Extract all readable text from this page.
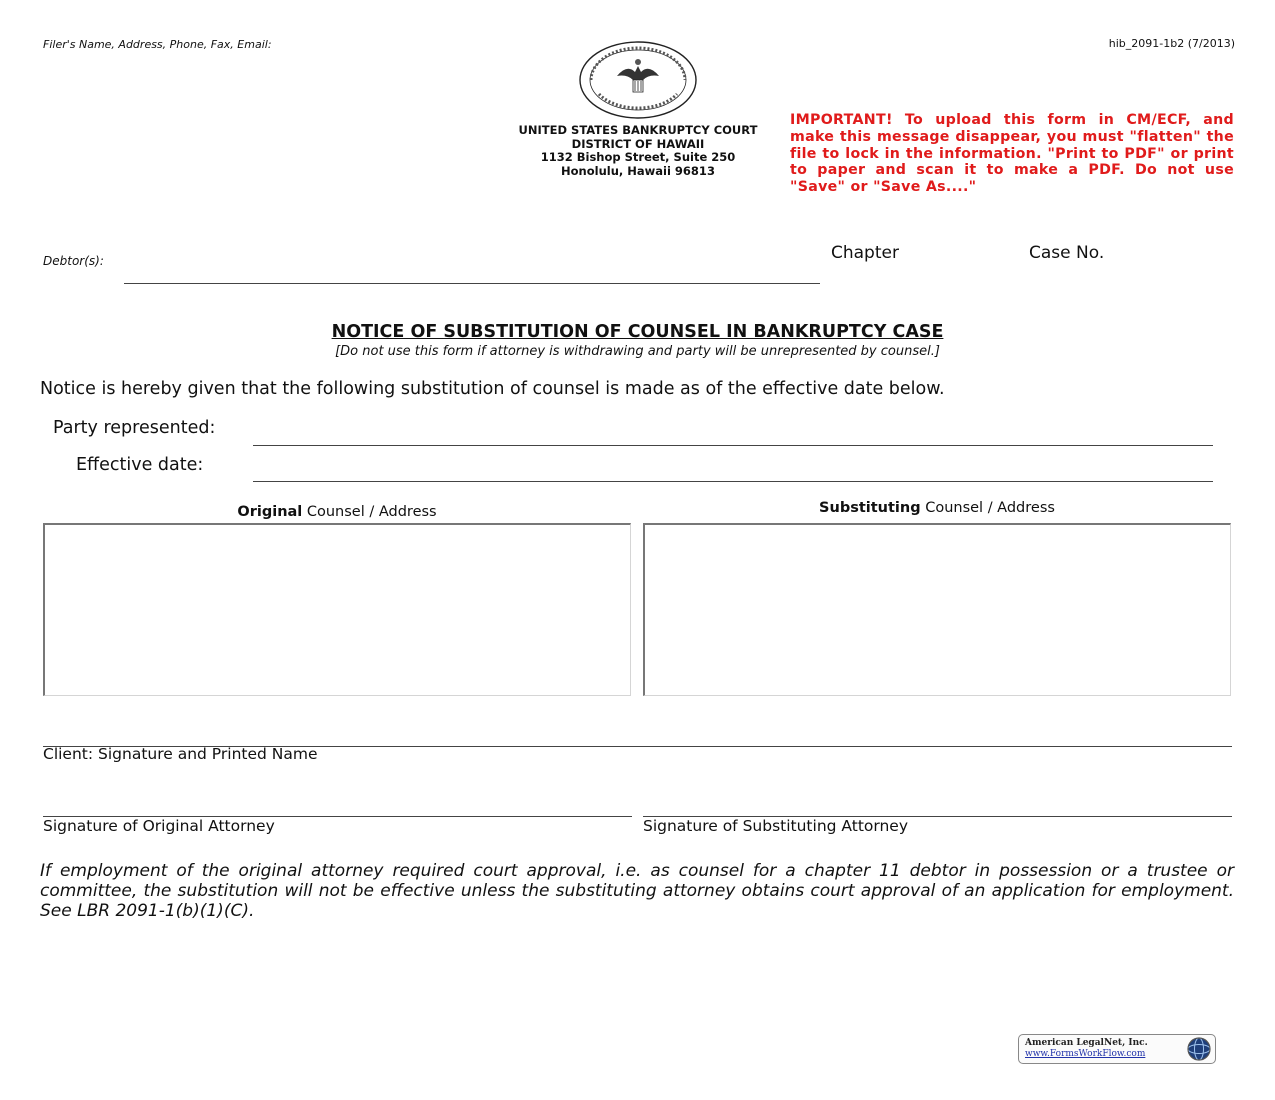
Filer's Name, Address, Phone, Fax, Email:	hib_2091-1b2 (7/2013)
UNITED STATES BANKRUPTCY COURT
DISTRICT OF HAWAII
1132 Bishop Street, Suite 250
Honolulu, Hawaii 96813
IMPORTANT! To upload this form in CM/ECF, and make this message disappear, you must "flatten" the file to lock in the information. "Print to PDF" or print to paper and scan it to make a PDF. Do not use "Save" or "Save As...."
Debtor(s):	Chapter	Case No.
NOTICE OF SUBSTITUTION OF COUNSEL IN BANKRUPTCY CASE
[Do not use this form if attorney is withdrawing and party will be unrepresented by counsel.]
Notice is hereby given that the following substitution of counsel is made as of the effective date below.
Party represented:
Effective date:
Original Counsel / Address	Substituting Counsel / Address
Client: Signature and Printed Name
Signature of Original Attorney	Signature of Substituting Attorney
If employment of the original attorney required court approval, i.e. as counsel for a chapter 11 debtor in possession or a trustee or committee, the substitution will not be effective unless the substituting attorney obtains court approval of an application for employment. See LBR 2091-1(b)(1)(C).
American LegalNet, Inc.
www.FormsWorkFlow.com
